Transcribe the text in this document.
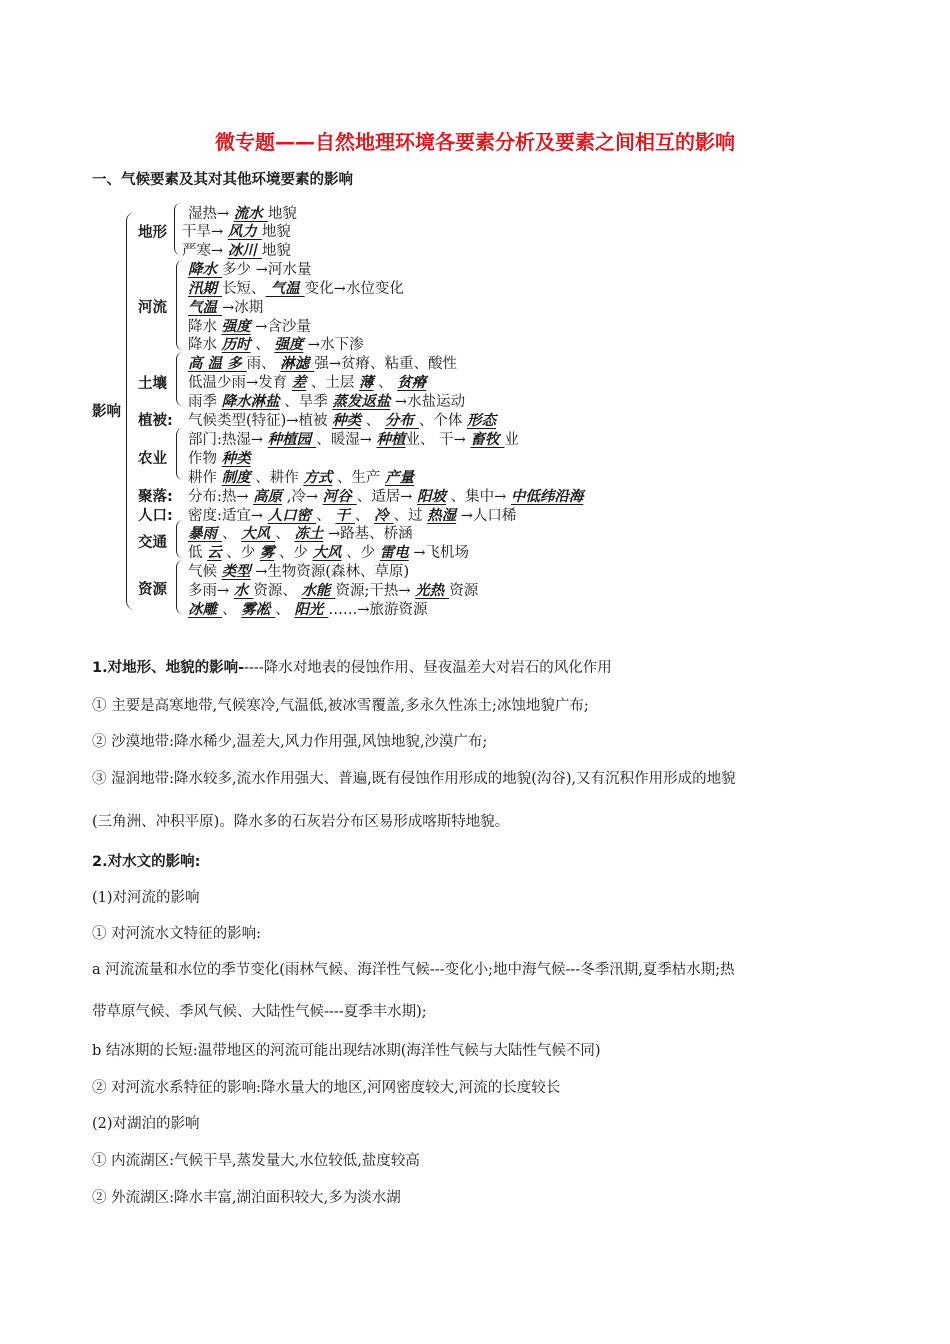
微专题——自然地理环境各要素分析及要素之间相互的影响
一、气候要素及其对其他环境要素的影响
影响
地形
河流
土壤
植被:
农业
聚落:
人口:
交通
资源
湿热→ 流水 地貌
干旱→ 风力 地貌
严寒→ 冰川 地貌
降水 多少 →河水量
汛期 长短、 气温 变化→水位变化
气温 →冰期
降水 强度 →含沙量
降水 历时 、 强度 →水下渗
高 温 多 雨、 淋滤 强→贫瘠、粘重、酸性
低温少雨→发育 差 、土层 薄 、 贫瘠
雨季 降水淋盐 、旱季 蒸发返盐 →水盐运动
气候类型(特征)→植被 种类 、 分布 、个体 形态
部门:热湿→ 种植园 、暖湿→ 种植业、 干→ 畜牧 业
作物 种类
耕作 制度 、耕作 方式 、生产 产量
分布:热→ 高原 ,冷→ 河谷 、适居→ 阳坡 、集中→ 中低纬沿海
密度:适宜→ 人口密 、 干 、 冷 、过 热湿 →人口稀
暴雨 、 大风 、 冻土 →路基、桥涵
低 云 、少 雾 、少 大风 、少 雷电 →飞机场
气候 类型 →生物资源(森林、草原)
多雨→ 水 资源、 水能 资源;干热→ 光热 资源
冰雕 、 雾凇 、 阳光 ……→旅游资源
1.对地形、地貌的影响-----降水对地表的侵蚀作用、昼夜温差大对岩石的风化作用
① 主要是高寒地带,气候寒冷,气温低,被冰雪覆盖,多永久性冻土;冰蚀地貌广布;
② 沙漠地带:降水稀少,温差大,风力作用强,风蚀地貌,沙漠广布;
③ 湿润地带:降水较多,流水作用强大、普遍,既有侵蚀作用形成的地貌(沟谷),又有沉积作用形成的地貌
(三角洲、冲积平原)。降水多的石灰岩分布区易形成喀斯特地貌。
2.对水文的影响:
(1)对河流的影响
① 对河流水文特征的影响:
a 河流流量和水位的季节变化(雨林气候、海洋性气候---变化小;地中海气候---冬季汛期,夏季枯水期;热
带草原气候、季风气候、大陆性气候----夏季丰水期);
b 结冰期的长短:温带地区的河流可能出现结冰期(海洋性气候与大陆性气候不同)
② 对河流水系特征的影响:降水量大的地区,河网密度较大,河流的长度较长
(2)对湖泊的影响
① 内流湖区:气候干旱,蒸发量大,水位较低,盐度较高
② 外流湖区:降水丰富,湖泊面积较大,多为淡水湖
